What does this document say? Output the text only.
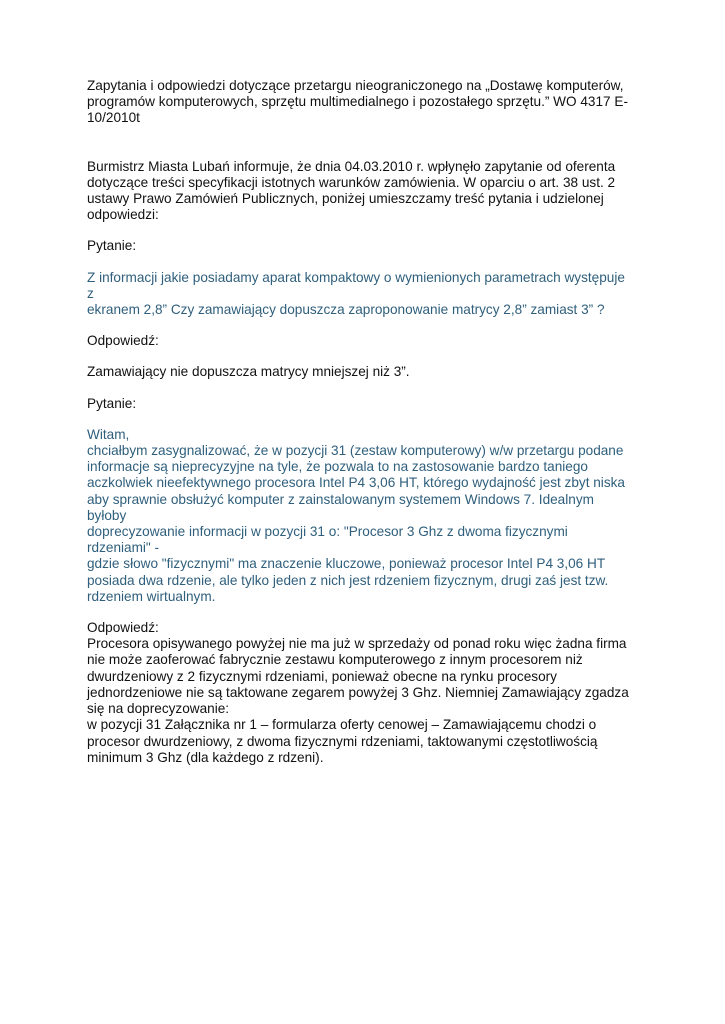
Zapytania i odpowiedzi dotyczące przetargu nieograniczonego na „Dostawę komputerów,
programów komputerowych, sprzętu multimedialnego i pozostałego sprzętu.” WO 4317 E-
10/2010t

Burmistrz Miasta Lubań informuje, że dnia 04.03.2010 r. wpłynęło zapytanie od oferenta
dotyczące treści specyfikacji istotnych warunków zamówienia. W oparciu o art. 38 ust. 2
ustawy Prawo Zamówień Publicznych, poniżej umieszczamy treść pytania i udzielonej
odpowiedzi:

Pytanie:

Z informacji jakie posiadamy aparat kompaktowy o wymienionych parametrach występuje z
ekranem 2,8” Czy zamawiający dopuszcza zaproponowanie matrycy 2,8” zamiast 3” ?

Odpowiedź:

Zamawiający nie dopuszcza matrycy mniejszej niż 3”.

Pytanie:

Witam,
chciałbym zasygnalizować, że w pozycji 31 (zestaw komputerowy) w/w przetargu podane
informacje są nieprecyzyjne na tyle, że pozwala to na zastosowanie bardzo taniego
aczkolwiek nieefektywnego procesora Intel P4 3,06 HT, którego wydajność jest zbyt niska
aby sprawnie obsłużyć komputer z zainstalowanym systemem Windows 7. Idealnym byłoby
doprecyzowanie informacji w pozycji 31 o: "Procesor 3 Ghz z dwoma fizycznymi rdzeniami" -
gdzie słowo "fizycznymi" ma znaczenie kluczowe, ponieważ procesor Intel P4 3,06 HT
posiada dwa rdzenie, ale tylko jeden z nich jest rdzeniem fizycznym, drugi zaś jest tzw.
rdzeniem wirtualnym.

Odpowiedź:

Procesora opisywanego powyżej nie ma już w sprzedaży od ponad roku więc żadna firma
nie może zaoferować fabrycznie zestawu komputerowego z innym procesorem niż
dwurdzeniowy z 2 fizycznymi rdzeniami, ponieważ obecne na rynku procesory
jednordzeniowe nie są taktowane zegarem powyżej 3 Ghz. Niemniej Zamawiający zgadza
się na doprecyzowanie:
w pozycji 31 Załącznika nr 1 – formularza oferty cenowej – Zamawiającemu chodzi o
procesor dwurdzeniowy, z dwoma fizycznymi rdzeniami, taktowanymi częstotliwością
minimum 3 Ghz (dla każdego z rdzeni).
